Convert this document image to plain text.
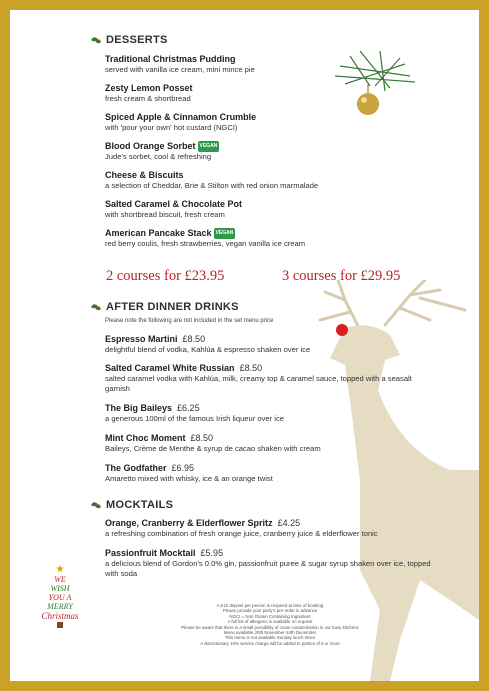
★
WE
WISH
YOU A
MERRY
Christmas
DESSERTS
Traditional Christmas Pudding
served with vanilla ice cream, mini mince pie
Zesty Lemon Posset
fresh cream & shortbread
Spiced Apple & Cinnamon Crumble
with 'pour your own' hot custard (NGCI)
Blood Orange Sorbet VEGAN
Jude's sorbet, cool & refreshing
Cheese & Biscuits
a selection of Cheddar, Brie & Stilton with red onion marmalade
Salted Caramel & Chocolate Pot
with shortbread biscuit, fresh cream
American Pancake Stack VEGAN
red berry coulis, fresh strawberries, vegan vanilla ice cream
2 courses for £23.95	3 courses for £29.95
AFTER DINNER DRINKS
Please note the following are not included in the set menu price
Espresso Martini £8.50
delightful blend of vodka, Kahlúa & espresso shaken over ice
Salted Caramel White Russian £8.50
salted caramel vodka with Kahlúa, milk, creamy top & caramel sauce, topped with a seasalt garnish
The Big Baileys £6.25
a generous 100ml of the famous Irish liqueur over ice
Mint Choc Moment £8.50
Baileys, Crème de Menthe & syrup de cacao shaken with cream
The Godfather £6.95
Amaretto mixed with whisky, ice & an orange twist
MOCKTAILS
Orange, Cranberry & Elderflower Spritz £4.25
a refreshing combination of fresh orange juice, cranberry juice & elderflower tonic
Passionfruit Mocktail £5.95
a delicious blend of Gordon's 0.0% gin, passionfruit puree & sugar syrup shaken over ice, topped with soda
A £10 deposit per person is required at time of booking
Please provide your party's pre-order in advance
NGCI = Non Gluten Containing Ingredient
A full list of allergens is available on request
Please be aware that there is a small possibility of cross contamination in our busy kitchens
Menu available 20th November-24th December
This menu is not available Sunday lunch times
A discretionary 10% service charge will be added to parties of 6 or more
